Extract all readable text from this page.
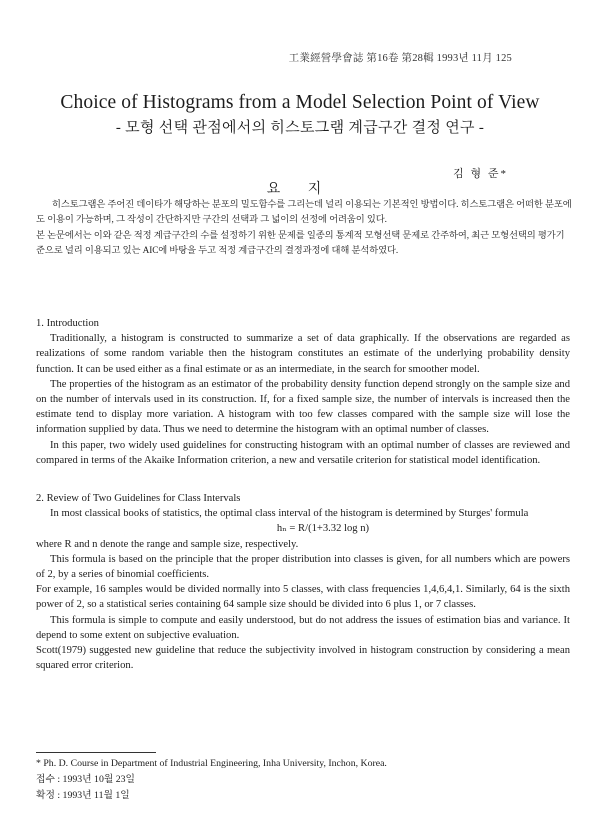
工業經營學會誌 第16卷 第28輯 1993년 11月 125
Choice of Histograms from a Model Selection Point of View
- 모형 선택 관점에서의 히스토그램 계급구간 결정 연구 -
김 형 준*
요 지

히스토그램은 주어진 데이타가 해당하는 분포의 밀도함수를 그리는데 널리 이용되는 기본적인 방법이다. 히스토그램은 어떠한 분포에도 이용이 가능하며, 그 작성이 간단하지만 구간의 선택과 그 넓이의 선정에 어려움이 있다.

본 논문에서는 이와 같은 적정 계급구간의 수를 설정하기 위한 문제를 일종의 통계적 모형선택 문제로 간주하여, 최근 모형선택의 평가기준으로 널리 이용되고 있는 AIC에 바탕을 두고 적정 계급구간의 결정과정에 대해 분석하였다.

1. Introduction

Traditionally, a histogram is constructed to summarize a set of data graphically. If the observations are regarded as realizations of some random variable then the histogram constitutes an estimate of the underlying probability density function. It can be used either as a final estimate or as an intermediate, in the search for smoother model.

The properties of the histogram as an estimator of the probability density function depend strongly on the sample size and on the number of intervals used in its construction. If, for a fixed sample size, the number of intervals is increased then the estimate tend to display more variation. A histogram with too few classes compared with the sample size will lose the information supplied by data. Thus we need to determine the histogram with an optimal number of classes.

In this paper, two widely used guidelines for constructing histogram with an optimal number of classes are reviewed and compared in terms of the Akaike Information criterion, a new and versatile criterion for statistical model identification.

2. Review of Two Guidelines for Class Intervals

In most classical books of statistics, the optimal class interval of the histogram is determined by Sturges' formula

hₙ = R/(1+3.32 log n)

where R and n denote the range and sample size, respectively.

This formula is based on the principle that the proper distribution into classes is given, for all numbers which are powers of 2, by a series of binomial coefficients.

For example, 16 samples would be divided normally into 5 classes, with class frequencies 1,4,6,4,1. Similarly, 64 is the sixth power of 2, so a statistical series containing 64 sample size should be divided into 6 plus 1, or 7 classes.

This formula is simple to compute and easily understood, but do not address the issues of estimation bias and variance. It depend to some extent on subjective evaluation.

Scott(1979) suggested new guideline that reduce the subjectivity involved in histogram construction by considering a mean squared error criterion.

* Ph. D. Course in Department of Industrial Engineering, Inha University, Inchon, Korea.

접수 : 1993년 10월 23일

확정 : 1993년 11월 1일
